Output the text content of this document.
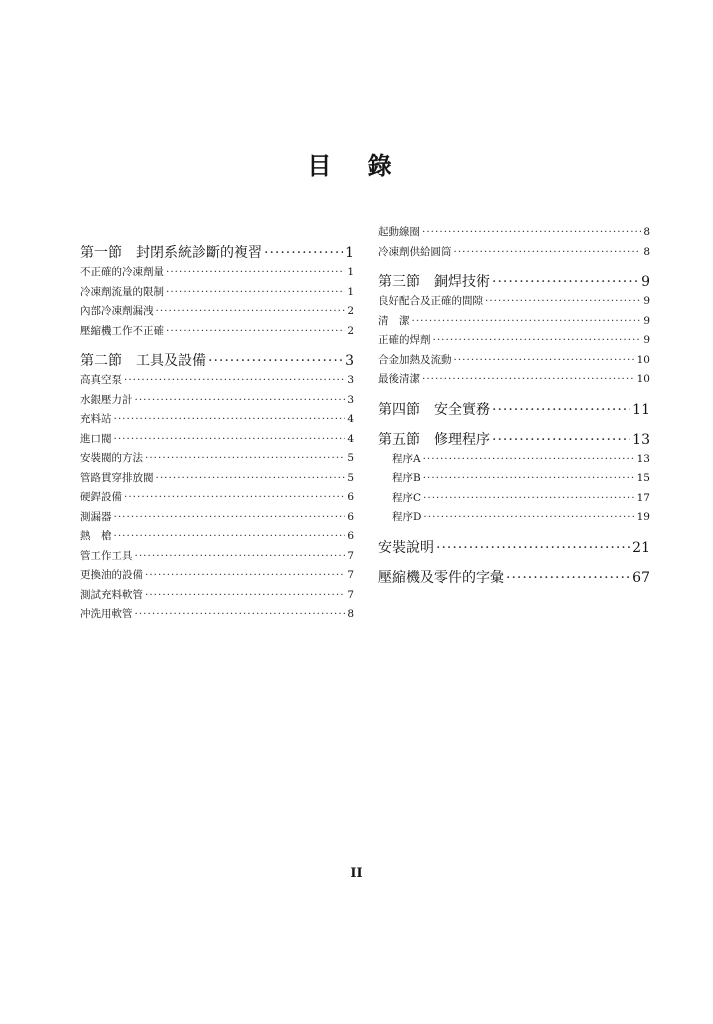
目 錄
第一節　封閉系統診斷的複習 ·····	1
不正確的冷凍劑量 ·····	1
冷凍劑流量的限制 ·····	1
內部冷凍劑漏洩 ·····	2
壓縮機工作不正確 ·····	2
第二節　工具及設備 ·····	3
高真空泵 ·····	3
水銀壓力計 ·····	3
充料站 ·····	4
進口閥 ·····	4
安裝閥的方法 ·····	5
管路貫穿排放閥 ·····	5
硬銲設備 ·····	6
測漏器 ·····	6
熱　槍 ·····	6
管工作工具 ·····	7
更換油的設備 ·····	7
測試充料軟管 ·····	7
冲洗用軟管 ·····	8
起動線圈 ·····	8
冷凍劑供給圓筒 ·····	8
第三節　銅焊技術 ·····	9
良好配合及正確的間隙 ·····	9
清　潔 ·····	9
正確的焊劑 ·····	9
合金加熱及流動 ·····	10
最後清潔 ·····	10
第四節　安全實務 ·····	11
第五節　修理程序 ·····	13
程序A ·····	13
程序B ·····	15
程序C ·····	17
程序D ·····	19
安裝說明 ·····	21
壓縮機及零件的字彙 ·····	67
II
